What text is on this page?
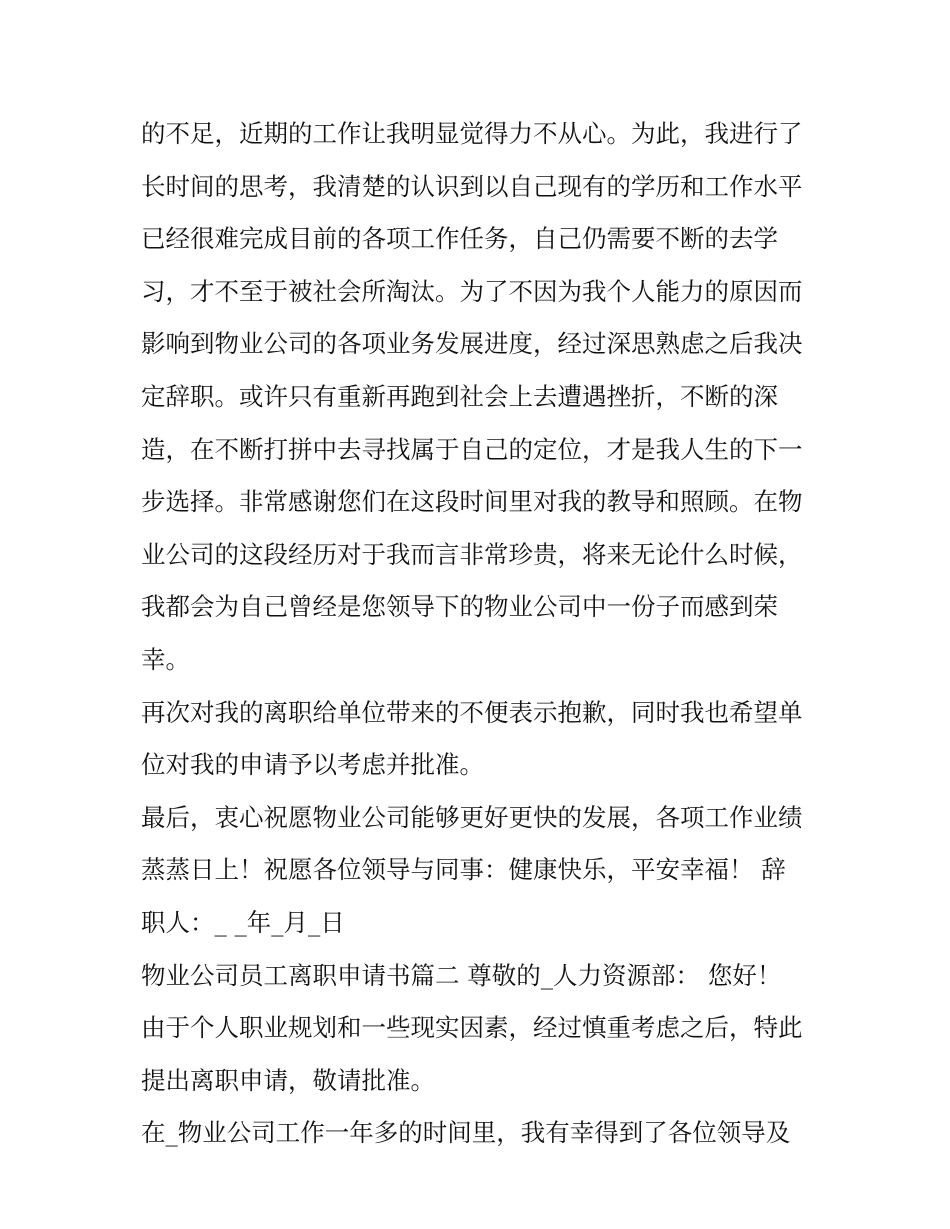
的不足，近期的工作让我明显觉得力不从心。为此，我进行了
长时间的思考，我清楚的认识到以自己现有的学历和工作水平
已经很难完成目前的各项工作任务，自己仍需要不断的去学
习，才不至于被社会所淘汰。为了不因为我个人能力的原因而
影响到物业公司的各项业务发展进度，经过深思熟虑之后我决
定辞职。或许只有重新再跑到社会上去遭遇挫折，不断的深
造，在不断打拼中去寻找属于自己的定位，才是我人生的下一
步选择。非常感谢您们在这段时间里对我的教导和照顾。在物
业公司的这段经历对于我而言非常珍贵，将来无论什么时候，
我都会为自己曾经是您领导下的物业公司中一份子而感到荣
幸。
再次对我的离职给单位带来的不便表示抱歉，同时我也希望单
位对我的申请予以考虑并批准。
最后，衷心祝愿物业公司能够更好更快的发展，各项工作业绩
蒸蒸日上！祝愿各位领导与同事：健康快乐，平安幸福！ 辞
职人：_ _年_月_日
物业公司员工离职申请书篇二 尊敬的_人力资源部： 您好！
由于个人职业规划和一些现实因素，经过慎重考虑之后，特此
提出离职申请，敬请批准。
在_物业公司工作一年多的时间里，我有幸得到了各位领导及
